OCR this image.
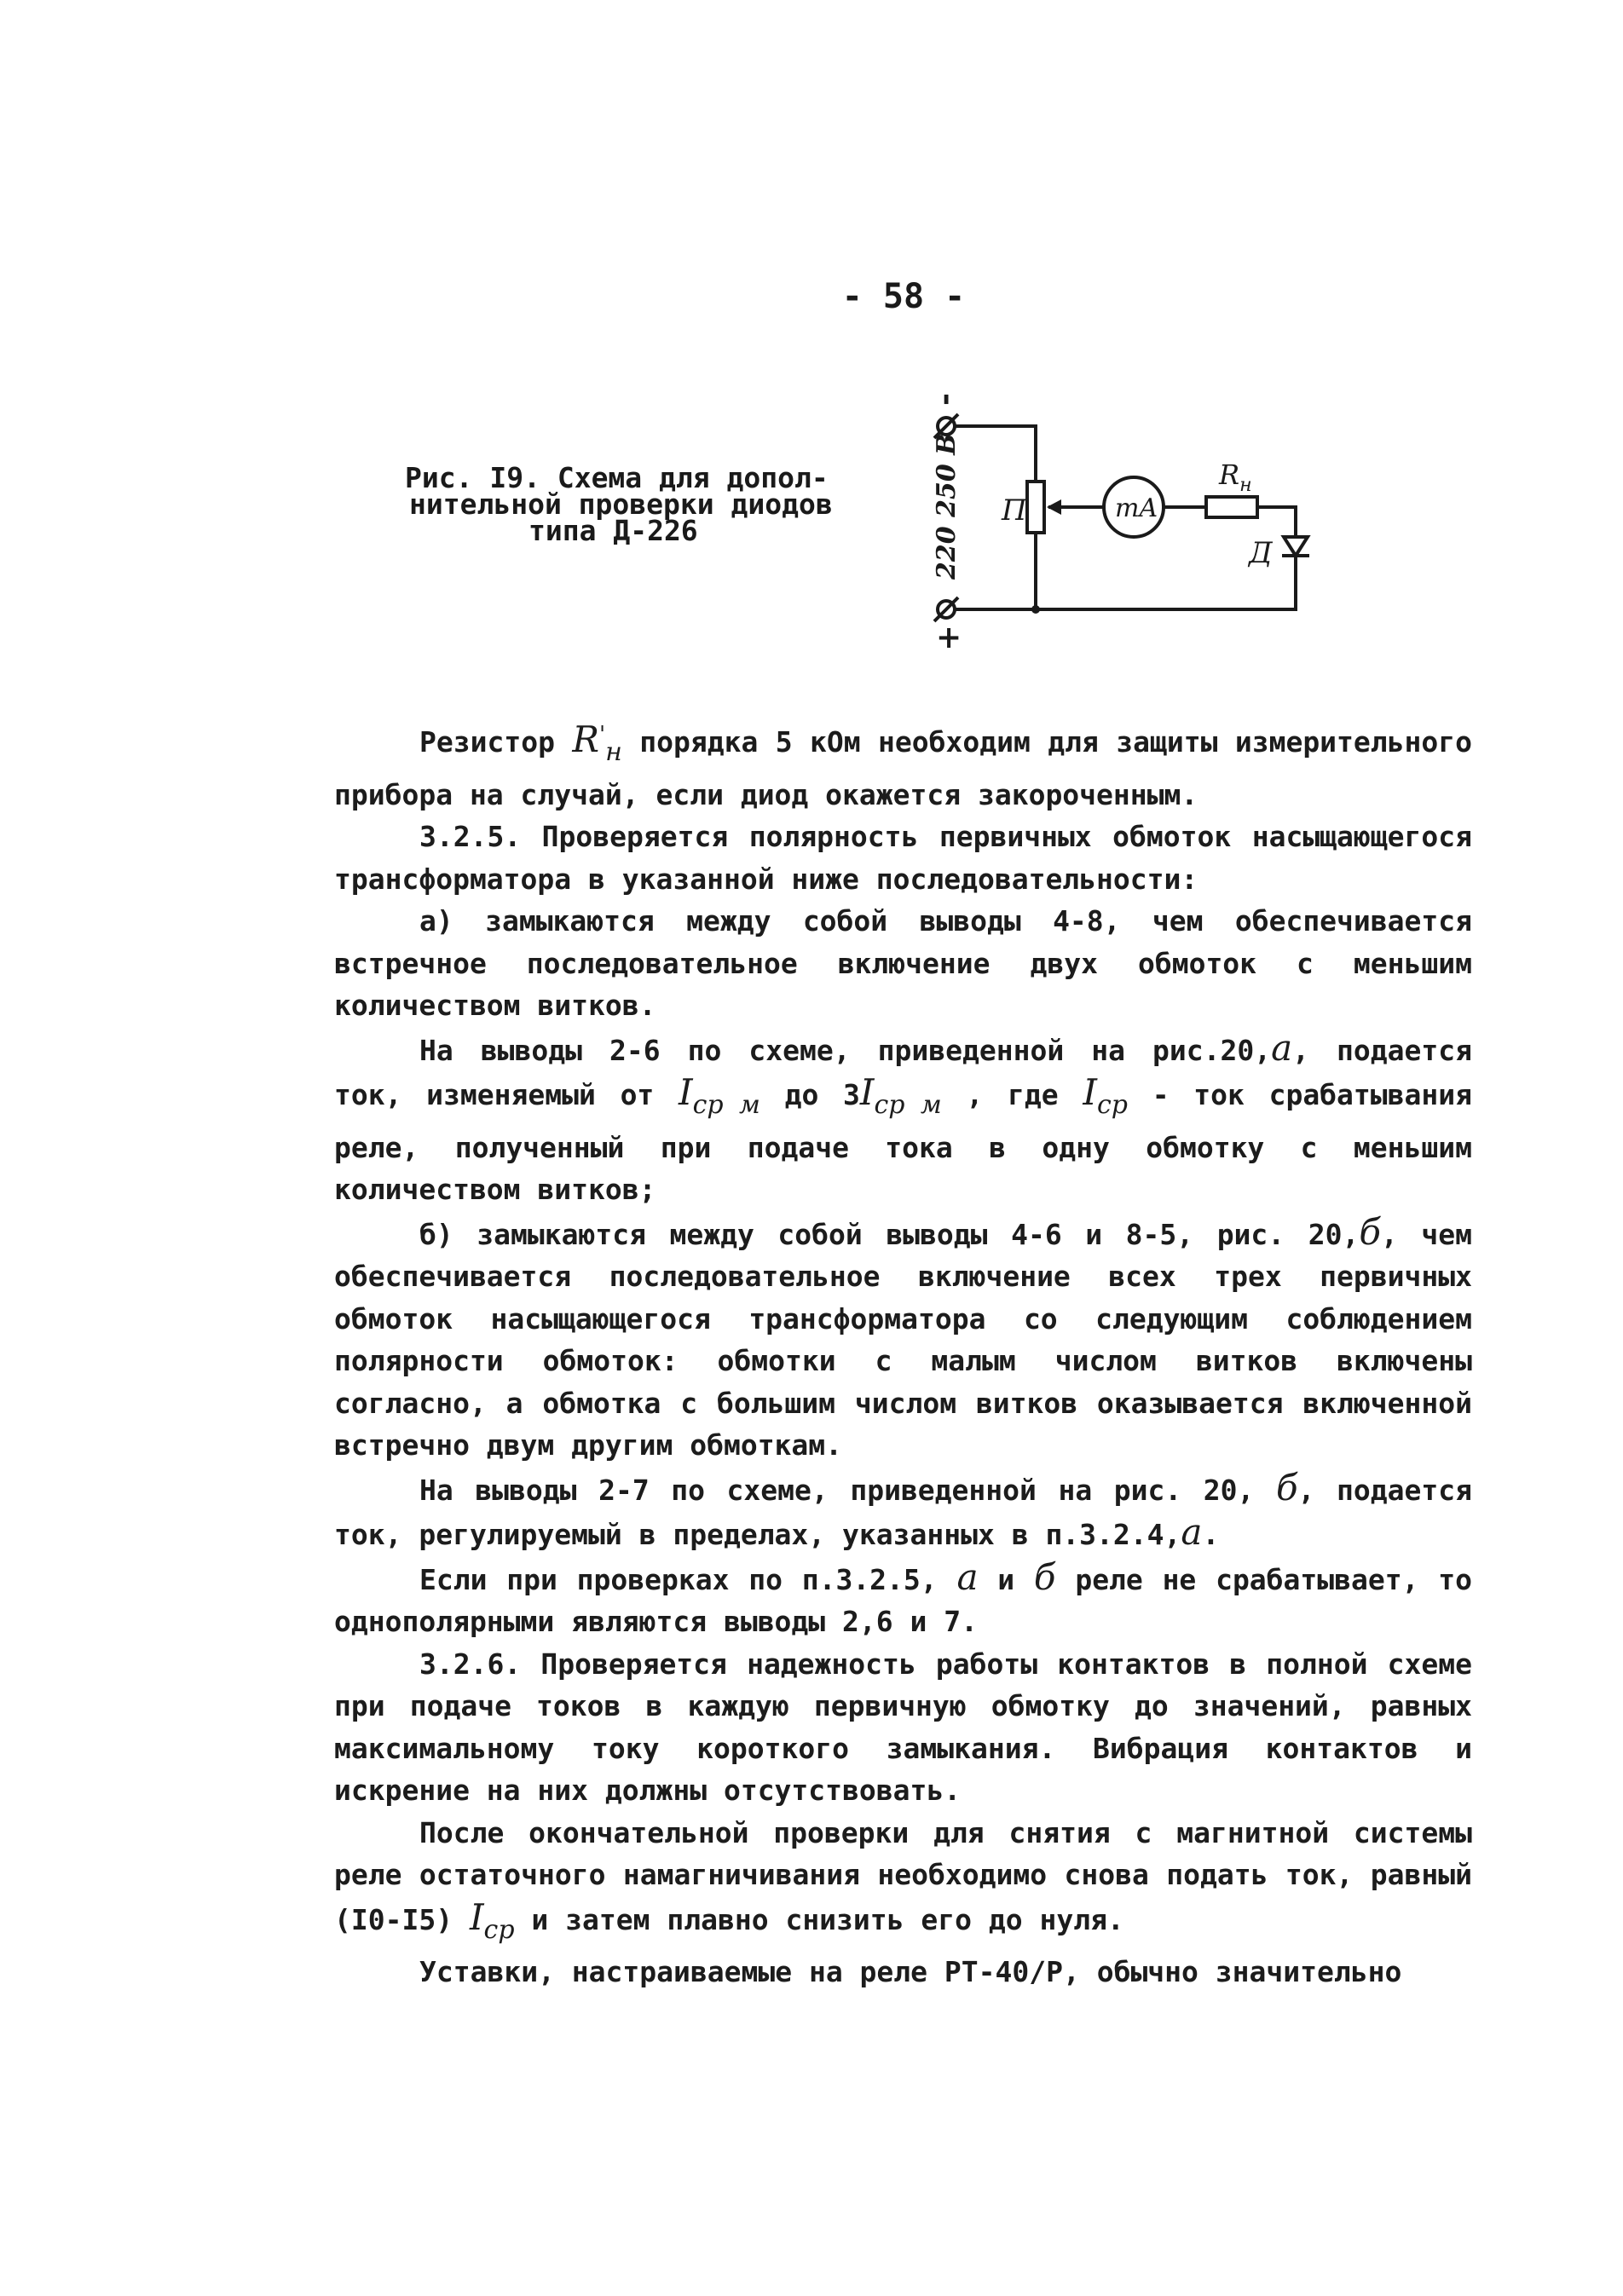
- 58 -
Рис. I9. Схема для допол-
нительной проверки диодов
типа Д-226
-
+
220 250 B П	mA
$R_н$
Д

Резистор R'н порядка 5 кОм необходим для защиты измерительного прибора на случай, если диод окажется закороченным.

3.2.5. Проверяется полярность первичных обмоток насыщающегося трансформатора в указанной ниже последовательности:

а) замыкаются между собой выводы 4-8, чем обеспечивается встречное последовательное включение двух обмоток с меньшим количеством витков.

На выводы 2-6 по схеме, приведенной на рис.20,а, подается ток, изменяемый от Iср м до 3Iср м , где Iср - ток срабатывания реле, полученный при подаче тока в одну обмотку с меньшим количеством витков;

б) замыкаются между собой выводы 4-6 и 8-5, рис. 20,б, чем обеспечивается последовательное включение всех трех первичных обмоток насыщающегося трансформатора со следующим соблюдением полярности обмоток: обмотки с малым числом витков включены согласно, а обмотка с большим числом витков оказывается включенной встречно двум другим обмоткам.

На выводы 2-7 по схеме, приведенной на рис. 20, б, подается ток, регулируемый в пределах, указанных в п.3.2.4,а.

Если при проверках по п.3.2.5, а и б реле не срабатывает, то однополярными являются выводы 2,6 и 7.

3.2.6. Проверяется надежность работы контактов в полной схеме при подаче токов в каждую первичную обмотку до значений, равных максимальному току короткого замыкания. Вибрация контактов и искрение на них должны отсутствовать.

После окончательной проверки для снятия с магнитной системы реле остаточного намагничивания необходимо снова подать ток, равный (I0-I5) Iср и затем плавно снизить его до нуля.

Уставки, настраиваемые на реле РТ-40/Р, обычно значительно
